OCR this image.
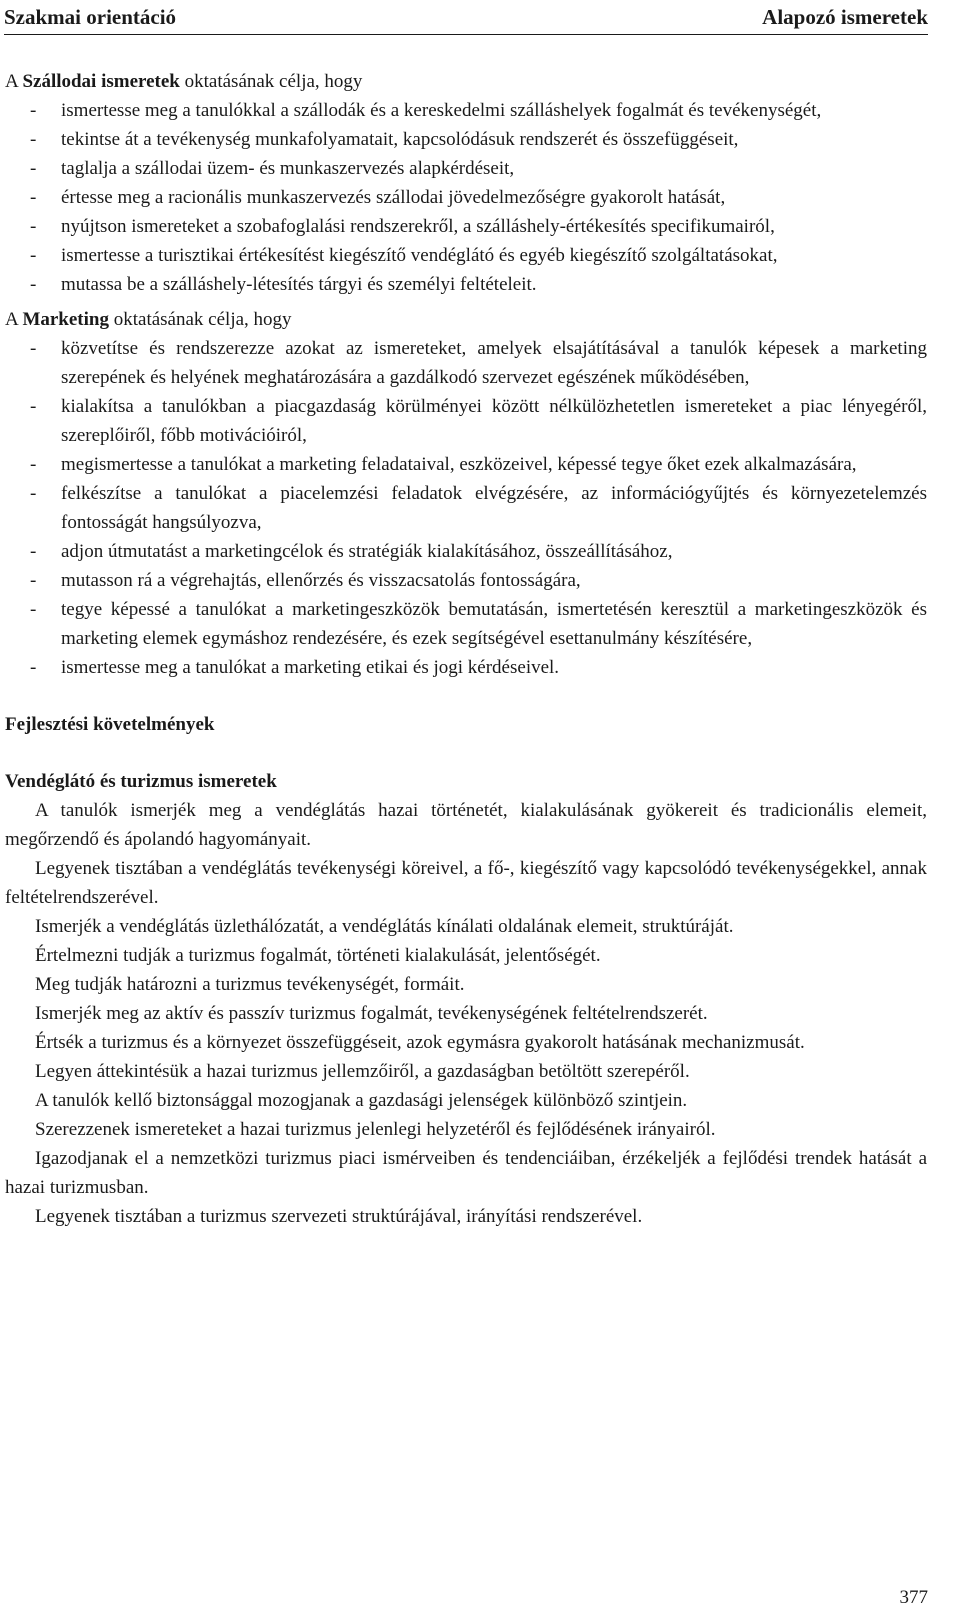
Szakmai orientáció	Alapozó ismeretek

A Szállodai ismeretek oktatásának célja, hogy

- ismertesse meg a tanulókkal a szállodák és a kereskedelmi szálláshelyek fogalmát és tevékenységét,
- tekintse át a tevékenység munkafolyamatait, kapcsolódásuk rendszerét és összefüggéseit,
- taglalja a szállodai üzem- és munkaszervezés alapkérdéseit,
- értesse meg a racionális munkaszervezés szállodai jövedelmezőségre gyakorolt hatását,
- nyújtson ismereteket a szobafoglalási rendszerekről, a szálláshely-értékesítés specifikumairól,
- ismertesse a turisztikai értékesítést kiegészítő vendéglátó és egyéb kiegészítő szolgáltatásokat,
- mutassa be a szálláshely-létesítés tárgyi és személyi feltételeit.

A Marketing oktatásának célja, hogy

- közvetítse és rendszerezze azokat az ismereteket, amelyek elsajátításával a tanulók képesek a marketing szerepének és helyének meghatározására a gazdálkodó szervezet egészének működésében,
- kialakítsa a tanulókban a piacgazdaság körülményei között nélkülözhetetlen ismereteket a piac lényegéről, szereplőiről, főbb motivációiról,
- megismertesse a tanulókat a marketing feladataival, eszközeivel, képessé tegye őket ezek alkalmazására,
- felkészítse a tanulókat a piacelemzési feladatok elvégzésére, az információgyűjtés és környezetelemzés fontosságát hangsúlyozva,
- adjon útmutatást a marketingcélok és stratégiák kialakításához, összeállításához,
- mutasson rá a végrehajtás, ellenőrzés és visszacsatolás fontosságára,
- tegye képessé a tanulókat a marketingeszközök bemutatásán, ismertetésén keresztül a marketingeszközök és marketing elemek egymáshoz rendezésére, és ezek segítségével esettanulmány készítésére,
- ismertesse meg a tanulókat a marketing etikai és jogi kérdéseivel.

Fejlesztési követelmények

Vendéglátó és turizmus ismeretek

A tanulók ismerjék meg a vendéglátás hazai történetét, kialakulásának gyökereit és tradicionális elemeit, megőrzendő és ápolandó hagyományait.

Legyenek tisztában a vendéglátás tevékenységi köreivel, a fő-, kiegészítő vagy kapcsolódó tevékenységekkel, annak feltételrendszerével.

Ismerjék a vendéglátás üzlethálózatát, a vendéglátás kínálati oldalának elemeit, struktúráját.

Értelmezni tudják a turizmus fogalmát, történeti kialakulását, jelentőségét.

Meg tudják határozni a turizmus tevékenységét, formáit.

Ismerjék meg az aktív és passzív turizmus fogalmát, tevékenységének feltételrendszerét.

Értsék a turizmus és a környezet összefüggéseit, azok egymásra gyakorolt hatásának mechanizmusát.

Legyen áttekintésük a hazai turizmus jellemzőiről, a gazdaságban betöltött szerepéről.

A tanulók kellő biztonsággal mozogjanak a gazdasági jelenségek különböző szintjein.

Szerezzenek ismereteket a hazai turizmus jelenlegi helyzetéről és fejlődésének irányairól.

Igazodjanak el a nemzetközi turizmus piaci ismérveiben és tendenciáiban, érzékeljék a fejlődési trendek hatását a hazai turizmusban.

Legyenek tisztában a turizmus szervezeti struktúrájával, irányítási rendszerével.

377
